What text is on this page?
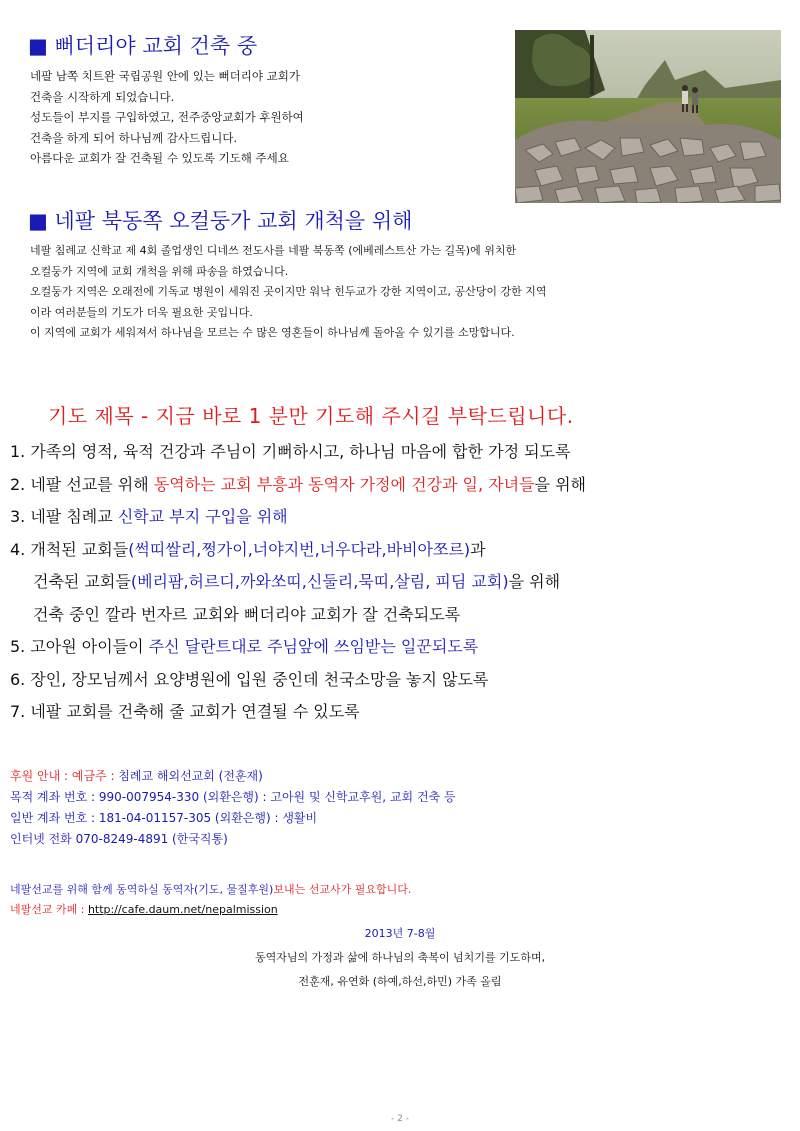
■ 뻐더리야 교회 건축 중
네팔 남쪽 치트완 국립공원 안에 있는 뻐더리야 교회가
건축을 시작하게 되었습니다.
성도들이 부지를 구입하였고, 전주중앙교회가 후원하여
건축을 하게 되어 하나님께 감사드립니다.
아름다운 교회가 잘 건축될 수 있도록 기도해 주세요
■ 네팔 북동쪽 오컬둥가 교회 개척을 위해
네팔 침례교 신학교 제 4회 졸업생인 디네쓰 전도사를 네팔 북동쪽 (에베레스트산 가는 길목)에 위치한
오컬둥가 지역에 교회 개척을 위해 파송을 하였습니다.
오컬둥가 지역은 오래전에 기독교 병원이 세워진 곳이지만 워낙 힌두교가 강한 지역이고, 공산당이 강한 지역
이라 여러분들의 기도가 더욱 필요한 곳입니다.
이 지역에 교회가 세워져서 하나님을 모르는 수 많은 영혼들이 하나님께 돌아올 수 있기를 소망합니다.
기도 제목 - 지금 바로 1 분만 기도해 주시길 부탁드립니다.
1. 가족의 영적, 육적 건강과 주님이 기뻐하시고, 하나님 마음에 합한 가정 되도록
2. 네팔 선교를 위해 동역하는 교회 부흥과 동역자 가정에 건강과 일, 자녀들을 위해
3. 네팔 침례교 신학교 부지 구입을 위해
4. 개척된 교회들(썩띠쌀리,쩡가이,너야지번,너우다라,바비아쪼르)과
건축된 교회들(베리팜,허르디,까와쏘띠,신둘리,묵띠,살림, 피딤 교회)을 위해
건축 중인 깔라 번자르 교회와 뻐더리야 교회가 잘 건축되도록
5. 고아원 아이들이 주신 달란트대로 주님앞에 쓰임받는 일꾼되도록
6. 장인, 장모님께서 요양병원에 입원 중인데 천국소망을 놓지 않도록
7. 네팔 교회를 건축해 줄 교회가 연결될 수 있도록
후원 안내 : 예금주 : 침례교 해외선교회 (전훈재)
목적 계좌 번호 : 990-007954-330 (외환은행) : 고아원 및 신학교후원, 교회 건축 등
일반 계좌 번호 : 181-04-01157-305 (외환은행) : 생활비
인터넷 전화 070-8249-4891 (한국직통)
네팔선교를 위해 함께 동역하실 동역자(기도, 물질후원)보내는 선교사가 필요합니다.
네팔선교 카페 : http://cafe.daum.net/nepalmission
2013년 7-8월
동역자님의 가정과 삶에 하나님의 축복이 넘치기를 기도하며,
전훈재, 유연화 (하예,하선,하민) 가족 올림
- 2 -
